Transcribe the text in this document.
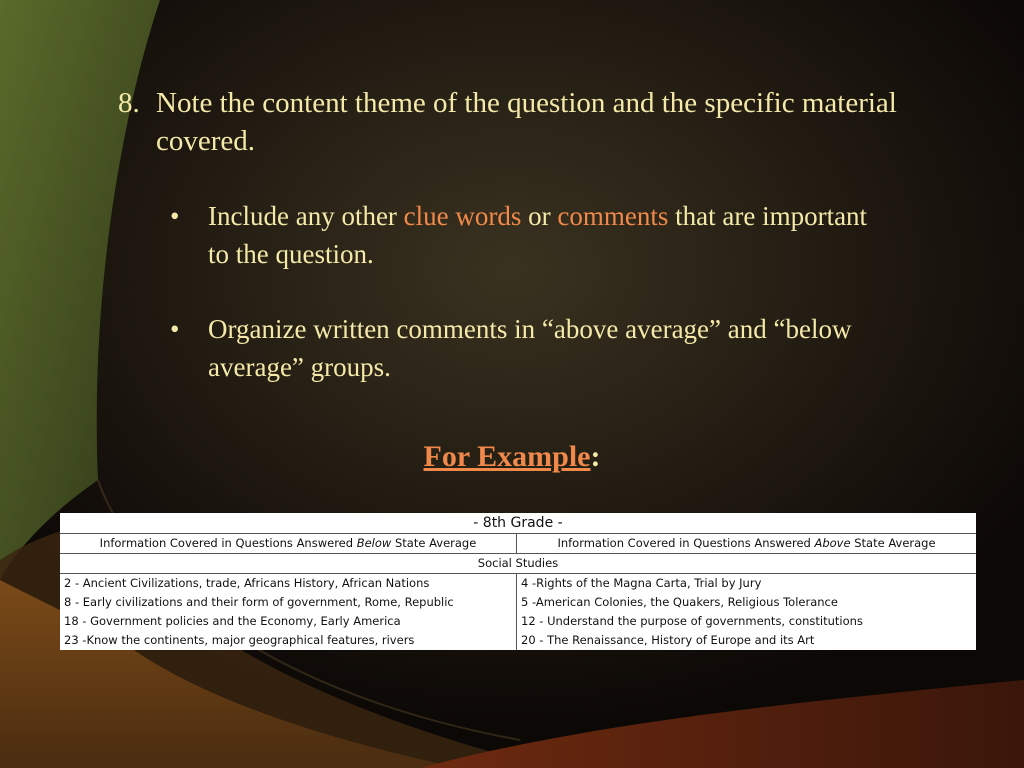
8. Note the content theme of the question and the specific material covered.
• Include any other clue words or comments that are important to the question.
• Organize written comments in “above average” and “below average” groups.
For Example:
- 8th Grade -	
Information Covered in Questions Answered Below State Average	Information Covered in Questions Answered Above State Average
Social Studies	
2 - Ancient Civilizations, trade, Africans History, African Nations	4 -Rights of the Magna Carta, Trial by Jury
8 - Early civilizations and their form of government, Rome, Republic	5 -American Colonies, the Quakers, Religious Tolerance
18 - Government policies and the Economy, Early America	12 - Understand the purpose of governments, constitutions
23 -Know the continents, major geographical features, rivers	20 - The Renaissance, History of Europe and its Art
